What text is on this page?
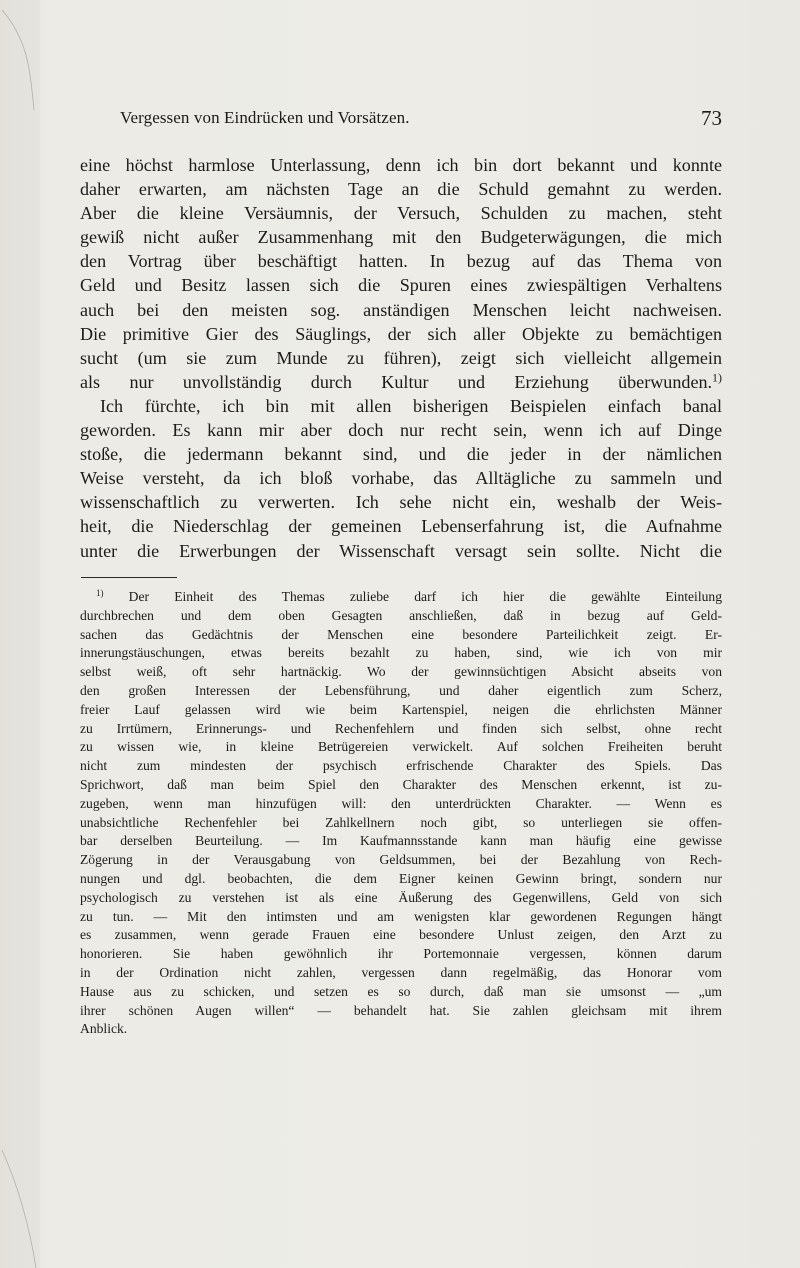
Vergessen von Eindrücken und Vorsätzen.	73
eine höchst harmlose Unterlassung, denn ich bin dort bekannt und konnte
daher erwarten, am nächsten Tage an die Schuld gemahnt zu werden.
Aber die kleine Versäumnis, der Versuch, Schulden zu machen, steht
gewiß nicht außer Zusammenhang mit den Budgeterwägungen, die mich
den Vortrag über beschäftigt hatten. In bezug auf das Thema von
Geld und Besitz lassen sich die Spuren eines zwiespältigen Verhaltens
auch bei den meisten sog. anständigen Menschen leicht nachweisen.
Die primitive Gier des Säuglings, der sich aller Objekte zu bemächtigen
sucht (um sie zum Munde zu führen), zeigt sich vielleicht allgemein
als nur unvollständig durch Kultur und Erziehung überwunden.$^{1)}$
Ich fürchte, ich bin mit allen bisherigen Beispielen einfach banal
geworden. Es kann mir aber doch nur recht sein, wenn ich auf Dinge
stoße, die jedermann bekannt sind, und die jeder in der nämlichen
Weise versteht, da ich bloß vorhabe, das Alltägliche zu sammeln und
wissenschaftlich zu verwerten. Ich sehe nicht ein, weshalb der Weis-
heit, die Niederschlag der gemeinen Lebenserfahrung ist, die Aufnahme
unter die Erwerbungen der Wissenschaft versagt sein sollte. Nicht die
$^{1)}$ Der Einheit des Themas zuliebe darf ich hier die gewählte Einteilung
durchbrechen und dem oben Gesagten anschließen, daß in bezug auf Geld-
sachen das Gedächtnis der Menschen eine besondere Parteilichkeit zeigt. Er-
innerungstäuschungen, etwas bereits bezahlt zu haben, sind, wie ich von mir
selbst weiß, oft sehr hartnäckig. Wo der gewinnsüchtigen Absicht abseits von
den großen Interessen der Lebensführung, und daher eigentlich zum Scherz,
freier Lauf gelassen wird wie beim Kartenspiel, neigen die ehrlichsten Männer
zu Irrtümern, Erinnerungs- und Rechenfehlern und finden sich selbst, ohne recht
zu wissen wie, in kleine Betrügereien verwickelt. Auf solchen Freiheiten beruht
nicht zum mindesten der psychisch erfrischende Charakter des Spiels. Das
Sprichwort, daß man beim Spiel den Charakter des Menschen erkennt, ist zu-
zugeben, wenn man hinzufügen will: den unterdrückten Charakter. — Wenn es
unabsichtliche Rechenfehler bei Zahlkellnern noch gibt, so unterliegen sie offen-
bar derselben Beurteilung. — Im Kaufmannsstande kann man häufig eine gewisse
Zögerung in der Verausgabung von Geldsummen, bei der Bezahlung von Rech-
nungen und dgl. beobachten, die dem Eigner keinen Gewinn bringt, sondern nur
psychologisch zu verstehen ist als eine Äußerung des Gegenwillens, Geld von sich
zu tun. — Mit den intimsten und am wenigsten klar gewordenen Regungen hängt
es zusammen, wenn gerade Frauen eine besondere Unlust zeigen, den Arzt zu
honorieren. Sie haben gewöhnlich ihr Portemonnaie vergessen, können darum
in der Ordination nicht zahlen, vergessen dann regelmäßig, das Honorar vom
Hause aus zu schicken, und setzen es so durch, daß man sie umsonst — „um
ihrer schönen Augen willen“ — behandelt hat. Sie zahlen gleichsam mit ihrem
Anblick.
